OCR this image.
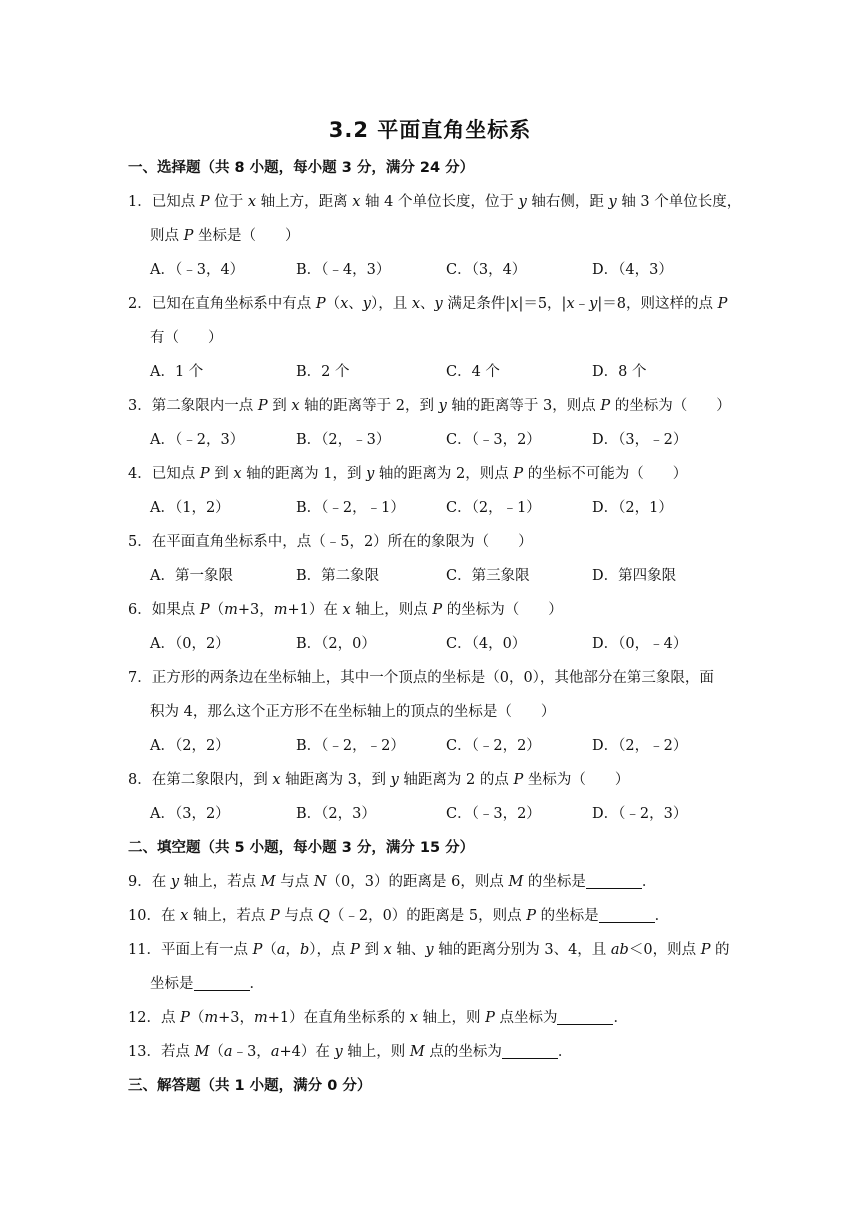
3.2 平面直角坐标系
一、选择题（共 8 小题，每小题 3 分，满分 24 分）
1．已知点 P 位于 x 轴上方，距离 x 轴 4 个单位长度，位于 y 轴右侧，距 y 轴 3 个单位长度，
则点 P 坐标是（　　）
A．（﹣3，4）	B．（﹣4，3）	C．（3，4）	D．（4，3）
2．已知在直角坐标系中有点 P（x、y），且 x、y 满足条件|x|＝5，|x﹣y|＝8，则这样的点 P
有（　　）
A．1 个	B．2 个	C．4 个	D．8 个
3．第二象限内一点 P 到 x 轴的距离等于 2，到 y 轴的距离等于 3，则点 P 的坐标为（　　）
A．（﹣2，3）	B．（2，﹣3）	C．（﹣3，2）	D．（3，﹣2）
4．已知点 P 到 x 轴的距离为 1，到 y 轴的距离为 2，则点 P 的坐标不可能为（　　）
A．（1，2）	B．（﹣2，﹣1）	C．（2，﹣1）	D．（2，1）
5．在平面直角坐标系中，点（﹣5，2）所在的象限为（　　）
A．第一象限	B．第二象限	C．第三象限	D．第四象限
6．如果点 P（m+3，m+1）在 x 轴上，则点 P 的坐标为（　　）
A．（0，2）	B．（2，0）	C．（4，0）	D．（0，﹣4）
7．正方形的两条边在坐标轴上，其中一个顶点的坐标是（0，0），其他部分在第三象限，面
积为 4，那么这个正方形不在坐标轴上的顶点的坐标是（　　）
A．（2，2）	B．（﹣2，﹣2）	C．（﹣2，2）	D．（2，﹣2）
8．在第二象限内，到 x 轴距离为 3，到 y 轴距离为 2 的点 P 坐标为（　　）
A．（3，2）	B．（2，3）	C．（﹣3，2）	D．（﹣2，3）
二、填空题（共 5 小题，每小题 3 分，满分 15 分）
9．在 y 轴上，若点 M 与点 N（0，3）的距离是 6，则点 M 的坐标是	．
10．在 x 轴上，若点 P 与点 Q（﹣2，0）的距离是 5，则点 P 的坐标是	．
11．平面上有一点 P（a，b），点 P 到 x 轴、y 轴的距离分别为 3、4，且 ab＜0，则点 P 的
坐标是	．
12．点 P（m+3，m+1）在直角坐标系的 x 轴上，则 P 点坐标为	．
13．若点 M（a﹣3，a+4）在 y 轴上，则 M 点的坐标为	．
三、解答题（共 1 小题，满分 0 分）
